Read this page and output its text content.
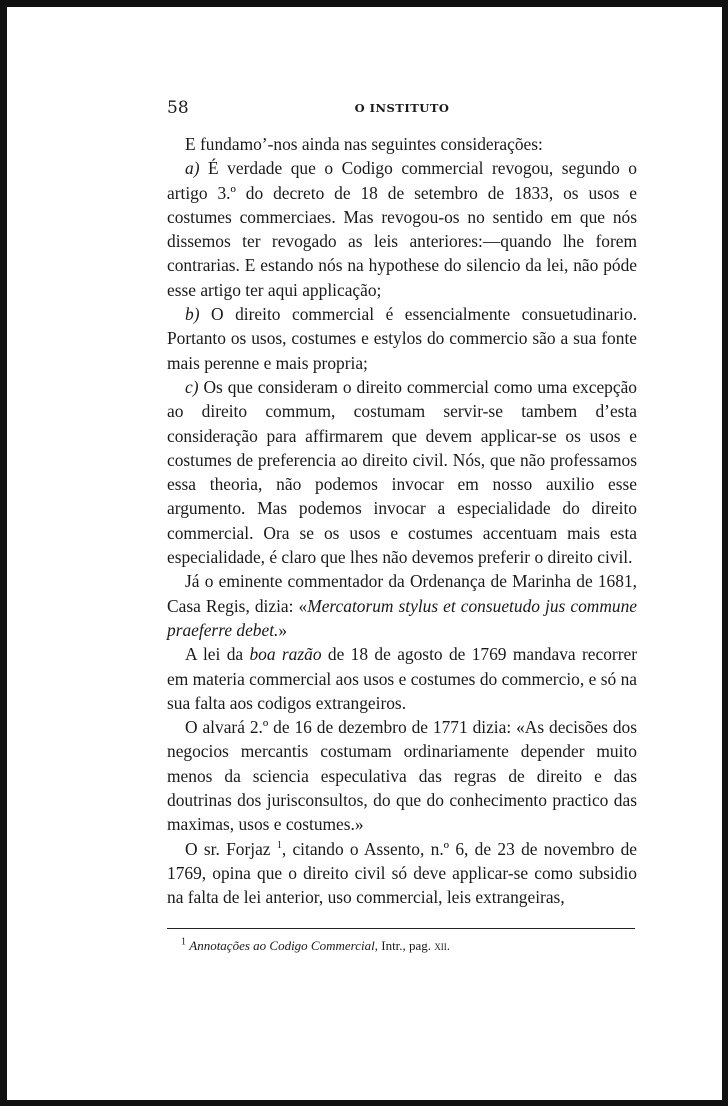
58	O INSTITUTO

E fundamo’-nos ainda nas seguintes considerações:

a) É verdade que o Codigo commercial revogou, segundo o artigo 3.º do decreto de 18 de setembro de 1833, os usos e costumes commerciaes. Mas revogou-os no sentido em que nós dissemos ter revogado as leis anteriores:—quando lhe forem contrarias. E estando nós na hypothese do silencio da lei, não póde esse artigo ter aqui applicação;

b) O direito commercial é essencialmente consuetudinario. Portanto os usos, costumes e estylos do commercio são a sua fonte mais perenne e mais propria;

c) Os que consideram o direito commercial como uma excepção ao direito commum, costumam servir-se tambem d’esta consideração para affirmarem que devem applicar-se os usos e costumes de preferencia ao direito civil. Nós, que não professamos essa theoria, não podemos invocar em nosso auxilio esse argumento. Mas podemos invocar a especialidade do direito commercial. Ora se os usos e costumes accentuam mais esta especialidade, é claro que lhes não devemos preferir o direito civil.

Já o eminente commentador da Ordenança de Marinha de 1681, Casa Regis, dizia: «Mercatorum stylus et consuetudo jus commune praeferre debet.»

A lei da boa razão de 18 de agosto de 1769 mandava recorrer em materia commercial aos usos e costumes do commercio, e só na sua falta aos codigos extrangeiros.

O alvará 2.º de 16 de dezembro de 1771 dizia: «As decisões dos negocios mercantis costumam ordinariamente depender muito menos da sciencia especulativa das regras de direito e das doutrinas dos jurisconsultos, do que do conhecimento practico das maximas, usos e costumes.»

O sr. Forjaz $^1$, citando o Assento, n.º 6, de 23 de novembro de 1769, opina que o direito civil só deve applicar-se como subsidio na falta de lei anterior, uso commercial, leis extrangeiras,

$^1$ Annotações ao Codigo Commercial, Intr., pag. xii.
